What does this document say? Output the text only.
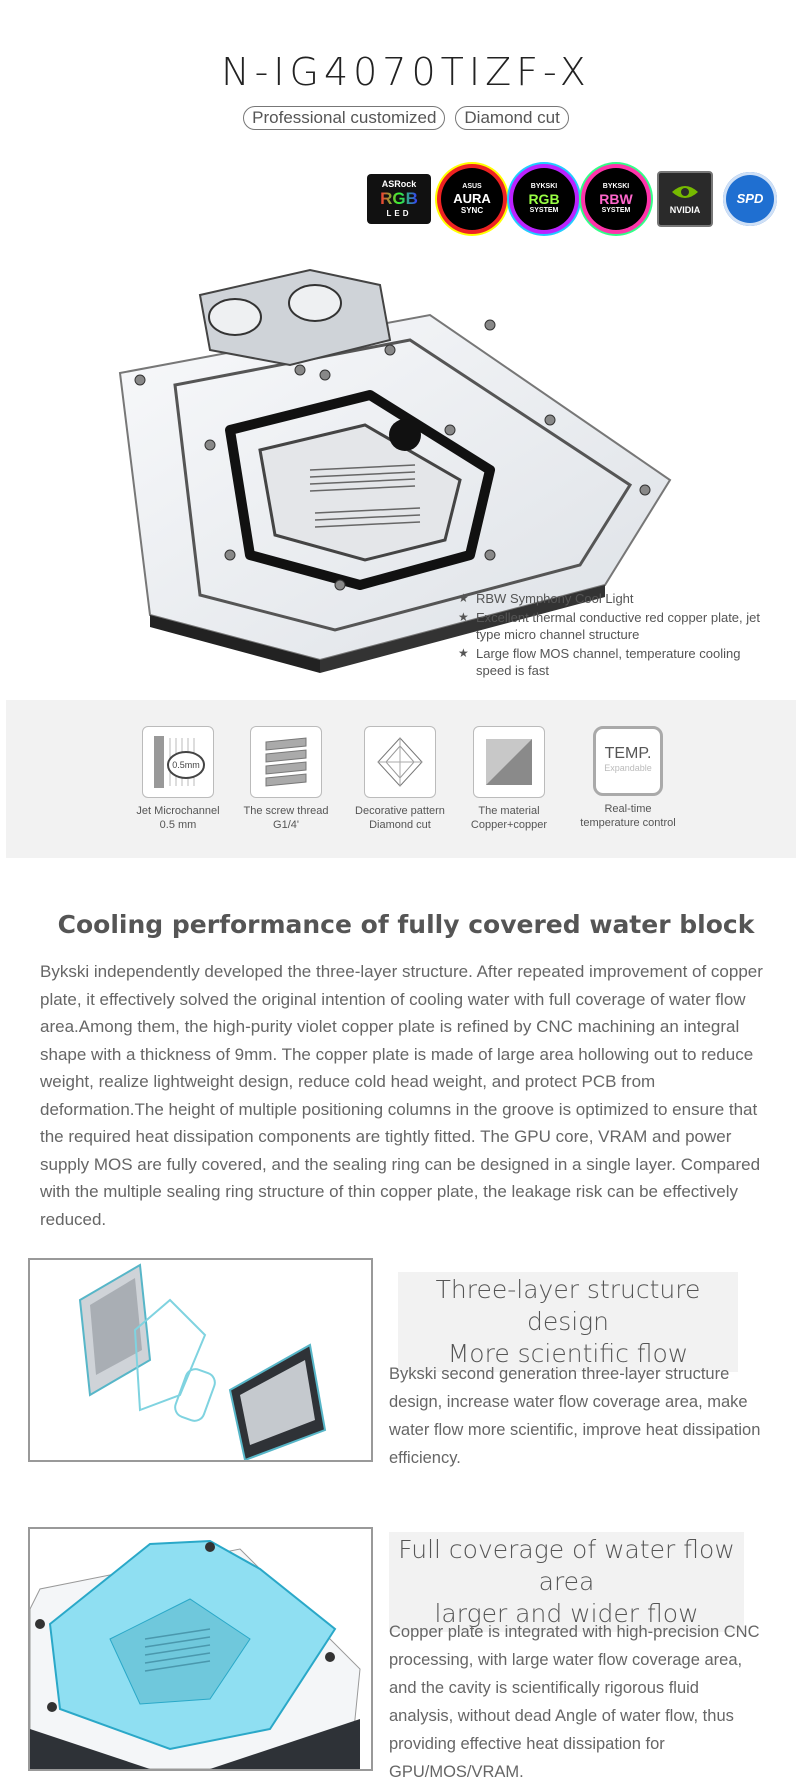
N-IG4070TIZF-X
Professional customized	Diamond cut
ASRock
RGB
LED
ASUS
AURA
SYNC
BYKSKI
RGB
SYSTEM
BYKSKI
RBW
SYSTEM	NVIDIA
SPD
★ RBW Symphony Cool Light
★ Excellent thermal conductive red copper plate, jet type micro channel structure
★ Large flow MOS channel, temperature cooling speed is fast
0.5mm
Jet Microchannel
0.5 mm
The screw thread
G1/4'
Decorative pattern
Diamond cut
The material
Copper+copper
TEMP.
Expandable
Real-time
temperature control
Cooling performance of fully covered water block
Bykski independently developed the three-layer structure. After repeated improvement of copper plate, it effectively solved the original intention of cooling water with full coverage of water flow area.Among them, the high-purity violet copper plate is refined by CNC machining an integral shape with a thickness of 9mm. The copper plate is made of large area hollowing out to reduce weight, realize lightweight design, reduce cold head weight, and protect PCB from deformation.The height of multiple positioning columns in the groove is optimized to ensure that the required heat dissipation components are tightly fitted. The GPU core, VRAM and power supply MOS are fully covered, and the sealing ring can be designed in a single layer. Compared with the multiple sealing ring structure of thin copper plate, the leakage risk can be effectively reduced.
Three-layer structure design
More scientific flow
Bykski second generation three-layer structure design, increase water flow coverage area, make water flow more scientific, improve heat dissipation efficiency.
Full coverage of water flow area
larger and wider flow
Copper plate is integrated with high-precision CNC processing, with large water flow coverage area, and the cavity is scientifically rigorous fluid analysis, without dead Angle of water flow, thus providing effective heat dissipation for GPU/MOS/VRAM.
